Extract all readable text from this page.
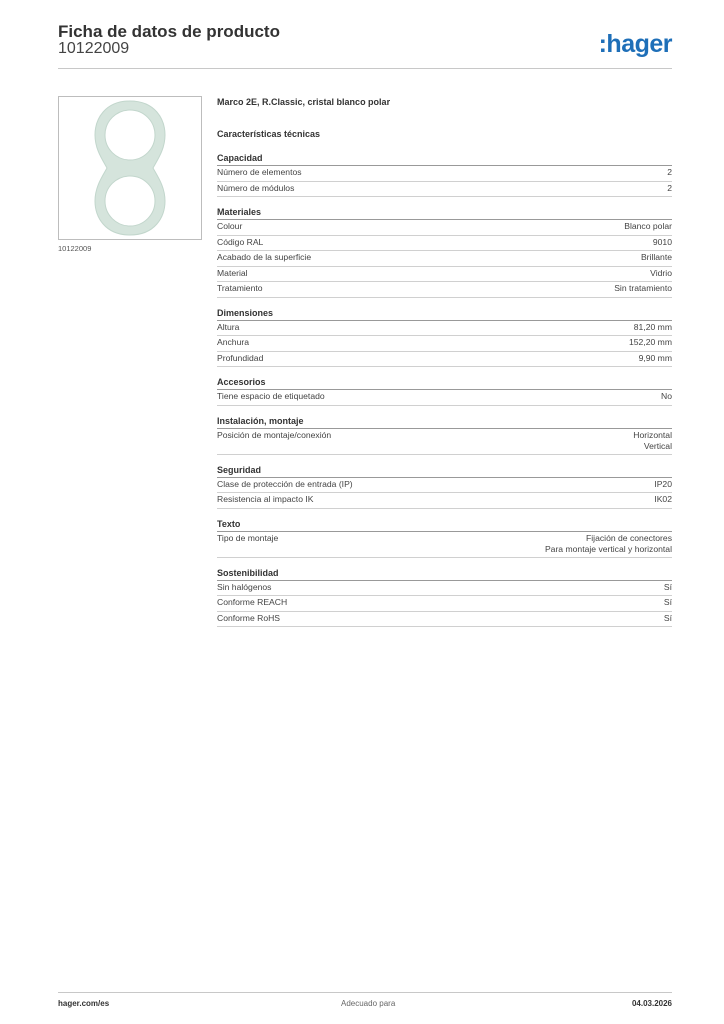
Ficha de datos de producto
10122009	:hager
10122009
Marco 2E, R.Classic, cristal blanco polar
Características técnicas
Capacidad
Número de elementos	2
Número de módulos	2
Materiales
Colour	Blanco polar
Código RAL	9010
Acabado de la superficie	Brillante
Material	Vidrio
Tratamiento	Sin tratamiento
Dimensiones
Altura	81,20 mm
Anchura	152,20 mm
Profundidad	9,90 mm
Accesorios
Tiene espacio de etiquetado	No
Instalación, montaje
Posición de montaje/conexión	Horizontal
Vertical
Seguridad
Clase de protección de entrada (IP)	IP20
Resistencia al impacto IK	IK02
Texto
Tipo de montaje	Fijación de conectores
Para montaje vertical y horizontal
Sostenibilidad
Sin halógenos	Sí
Conforme REACH	Sí
Conforme RoHS	Sí
hager.com/es	Adecuado para	04.03.2026
